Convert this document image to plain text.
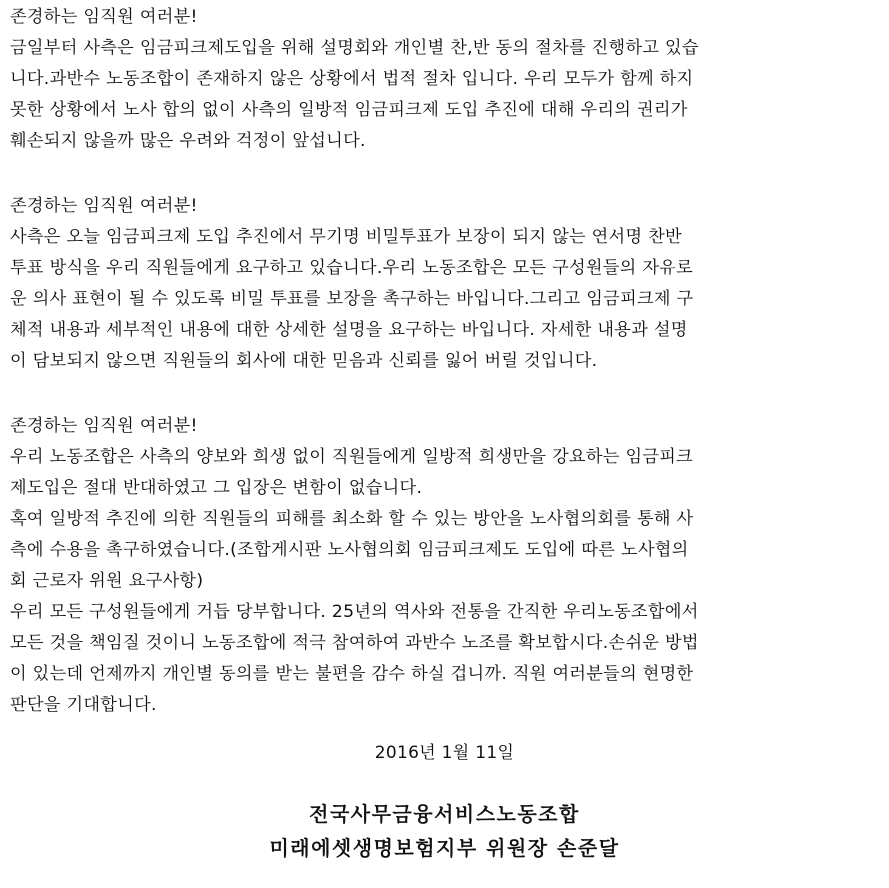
존경하는 임직원 여러분!
금일부터 사측은 임금피크제도입을 위해 설명회와 개인별 찬,반 동의 절차를 진행하고 있습
니다.과반수 노동조합이 존재하지 않은 상황에서 법적 절차 입니다. 우리 모두가 함께 하지
못한 상황에서 노사 합의 없이 사측의 일방적 임금피크제 도입 추진에 대해 우리의 권리가
훼손되지 않을까 많은 우려와 걱정이 앞섭니다.
존경하는 임직원 여러분!
사측은 오늘 임금피크제 도입 추진에서 무기명 비밀투표가 보장이 되지 않는 연서명 찬반
투표 방식을 우리 직원들에게 요구하고 있습니다.우리 노동조합은 모든 구성원들의 자유로
운 의사 표현이 될 수 있도록 비밀 투표를 보장을 촉구하는 바입니다.그리고 임금피크제 구
체적 내용과 세부적인 내용에 대한 상세한 설명을 요구하는 바입니다. 자세한 내용과 설명
이 담보되지 않으면 직원들의 회사에 대한 믿음과 신뢰를 잃어 버릴 것입니다.
존경하는 임직원 여러분!
우리 노동조합은 사측의 양보와 희생 없이 직원들에게 일방적 희생만을 강요하는 임금피크
제도입은 절대 반대하였고 그 입장은 변함이 없습니다.
혹여 일방적 추진에 의한 직원들의 피해를 최소화 할 수 있는 방안을 노사협의회를 통해 사
측에 수용을 촉구하였습니다.(조합게시판 노사협의회 임금피크제도 도입에 따른 노사협의
회 근로자 위원 요구사항)
우리 모든 구성원들에게 거듭 당부합니다. 25년의 역사와 전통을 간직한 우리노동조합에서
모든 것을 책임질 것이니 노동조합에 적극 참여하여 과반수 노조를 확보합시다.손쉬운 방법
이 있는데 언제까지 개인별 동의를 받는 불편을 감수 하실 겁니까. 직원 여러분들의 현명한
판단을 기대합니다.
2016년 1월 11일
전국사무금융서비스노동조합
미래에셋생명보험지부 위원장 손준달
